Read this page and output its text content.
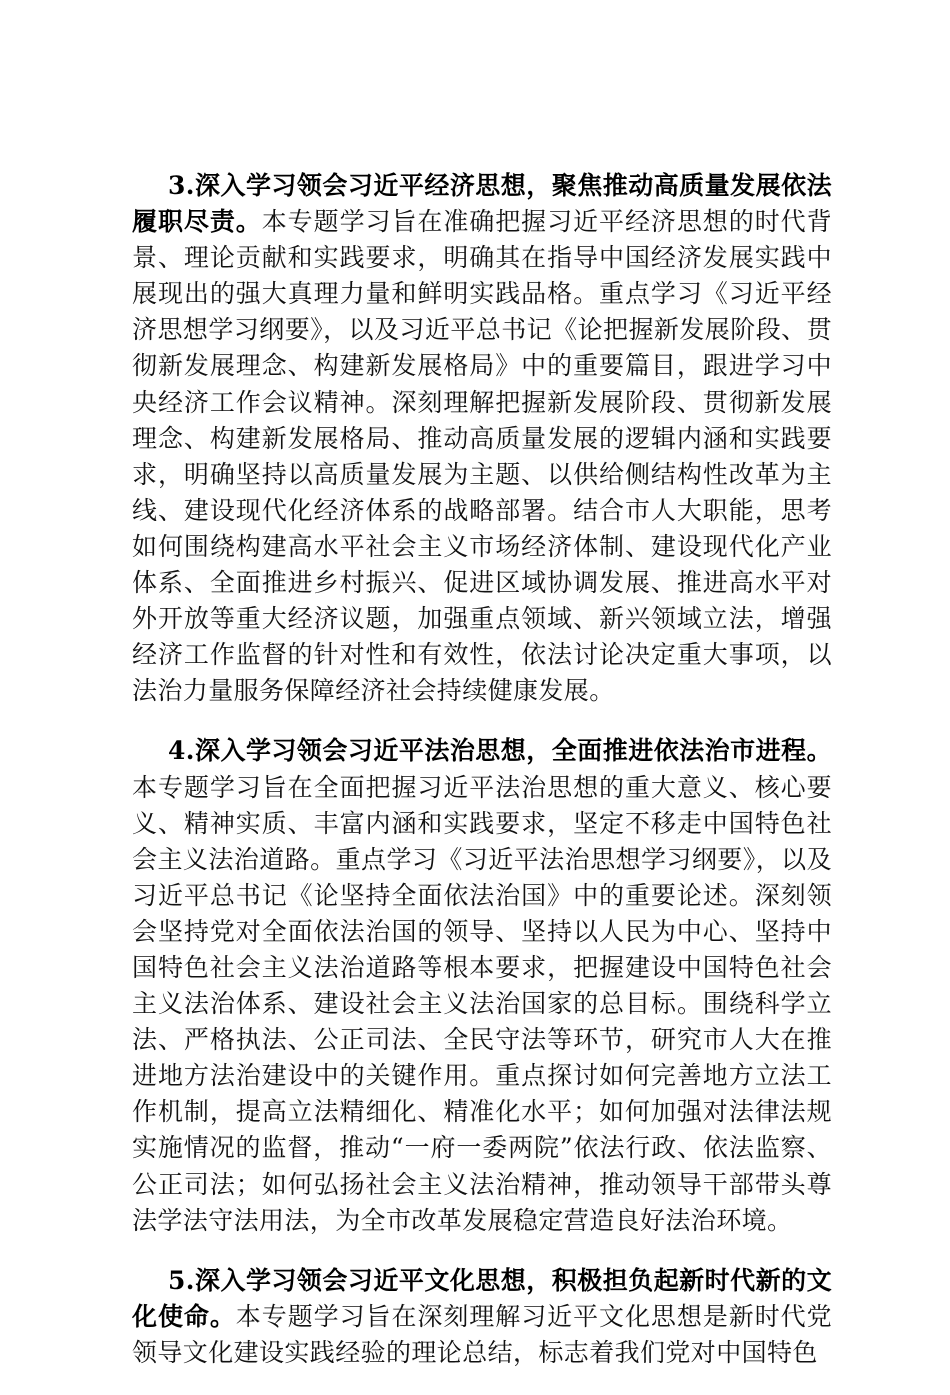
3.深入学习领会习近平经济思想，聚焦推动高质量发展依法履职尽责。本专题学习旨在准确把握习近平经济思想的时代背景、理论贡献和实践要求，明确其在指导中国经济发展实践中展现出的强大真理力量和鲜明实践品格。重点学习《习近平经济思想学习纲要》，以及习近平总书记《论把握新发展阶段、贯彻新发展理念、构建新发展格局》中的重要篇目，跟进学习中央经济工作会议精神。深刻理解把握新发展阶段、贯彻新发展理念、构建新发展格局、推动高质量发展的逻辑内涵和实践要求，明确坚持以高质量发展为主题、以供给侧结构性改革为主线、建设现代化经济体系的战略部署。结合市人大职能，思考如何围绕构建高水平社会主义市场经济体制、建设现代化产业体系、全面推进乡村振兴、促进区域协调发展、推进高水平对外开放等重大经济议题，加强重点领域、新兴领域立法，增强经济工作监督的针对性和有效性，依法讨论决定重大事项，以法治力量服务保障经济社会持续健康发展。

4.深入学习领会习近平法治思想，全面推进依法治市进程。本专题学习旨在全面把握习近平法治思想的重大意义、核心要义、精神实质、丰富内涵和实践要求，坚定不移走中国特色社会主义法治道路。重点学习《习近平法治思想学习纲要》，以及习近平总书记《论坚持全面依法治国》中的重要论述。深刻领会坚持党对全面依法治国的领导、坚持以人民为中心、坚持中国特色社会主义法治道路等根本要求，把握建设中国特色社会主义法治体系、建设社会主义法治国家的总目标。围绕科学立法、严格执法、公正司法、全民守法等环节，研究市人大在推进地方法治建设中的关键作用。重点探讨如何完善地方立法工作机制，提高立法精细化、精准化水平；如何加强对法律法规实施情况的监督，推动“一府一委两院”依法行政、依法监察、公正司法；如何弘扬社会主义法治精神，推动领导干部带头尊法学法守法用法，为全市改革发展稳定营造良好法治环境。

5.深入学习领会习近平文化思想，积极担负起新时代新的文化使命。本专题学习旨在深刻理解习近平文化思想是新时代党领导文化建设实践经验的理论总结，标志着我们党对中国特色
